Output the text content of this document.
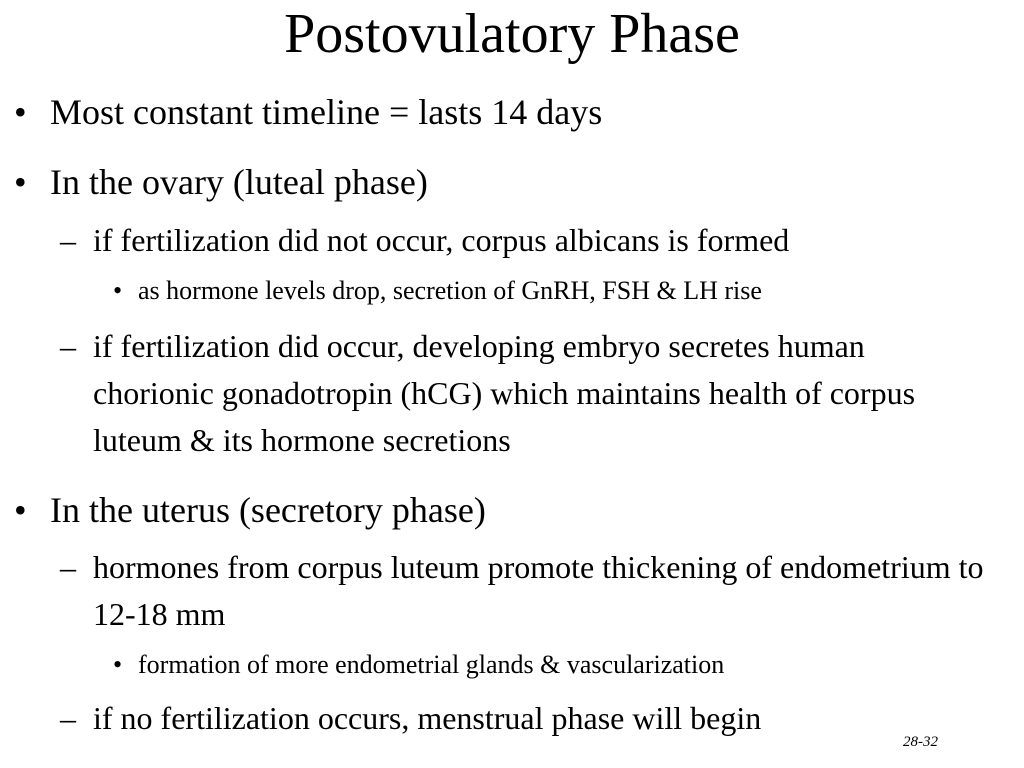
Postovulatory Phase
• Most constant timeline = lasts 14 days
• In the ovary (luteal phase)
– if fertilization did not occur, corpus albicans is formed
• as hormone levels drop, secretion of GnRH, FSH & LH rise
– if fertilization did occur, developing embryo secretes human chorionic gonadotropin (hCG) which maintains health of corpus luteum & its hormone secretions
• In the uterus (secretory phase)
– hormones from corpus luteum promote thickening of endometrium to 12-18 mm
• formation of more endometrial glands & vascularization
– if no fertilization occurs, menstrual phase will begin
28-32
